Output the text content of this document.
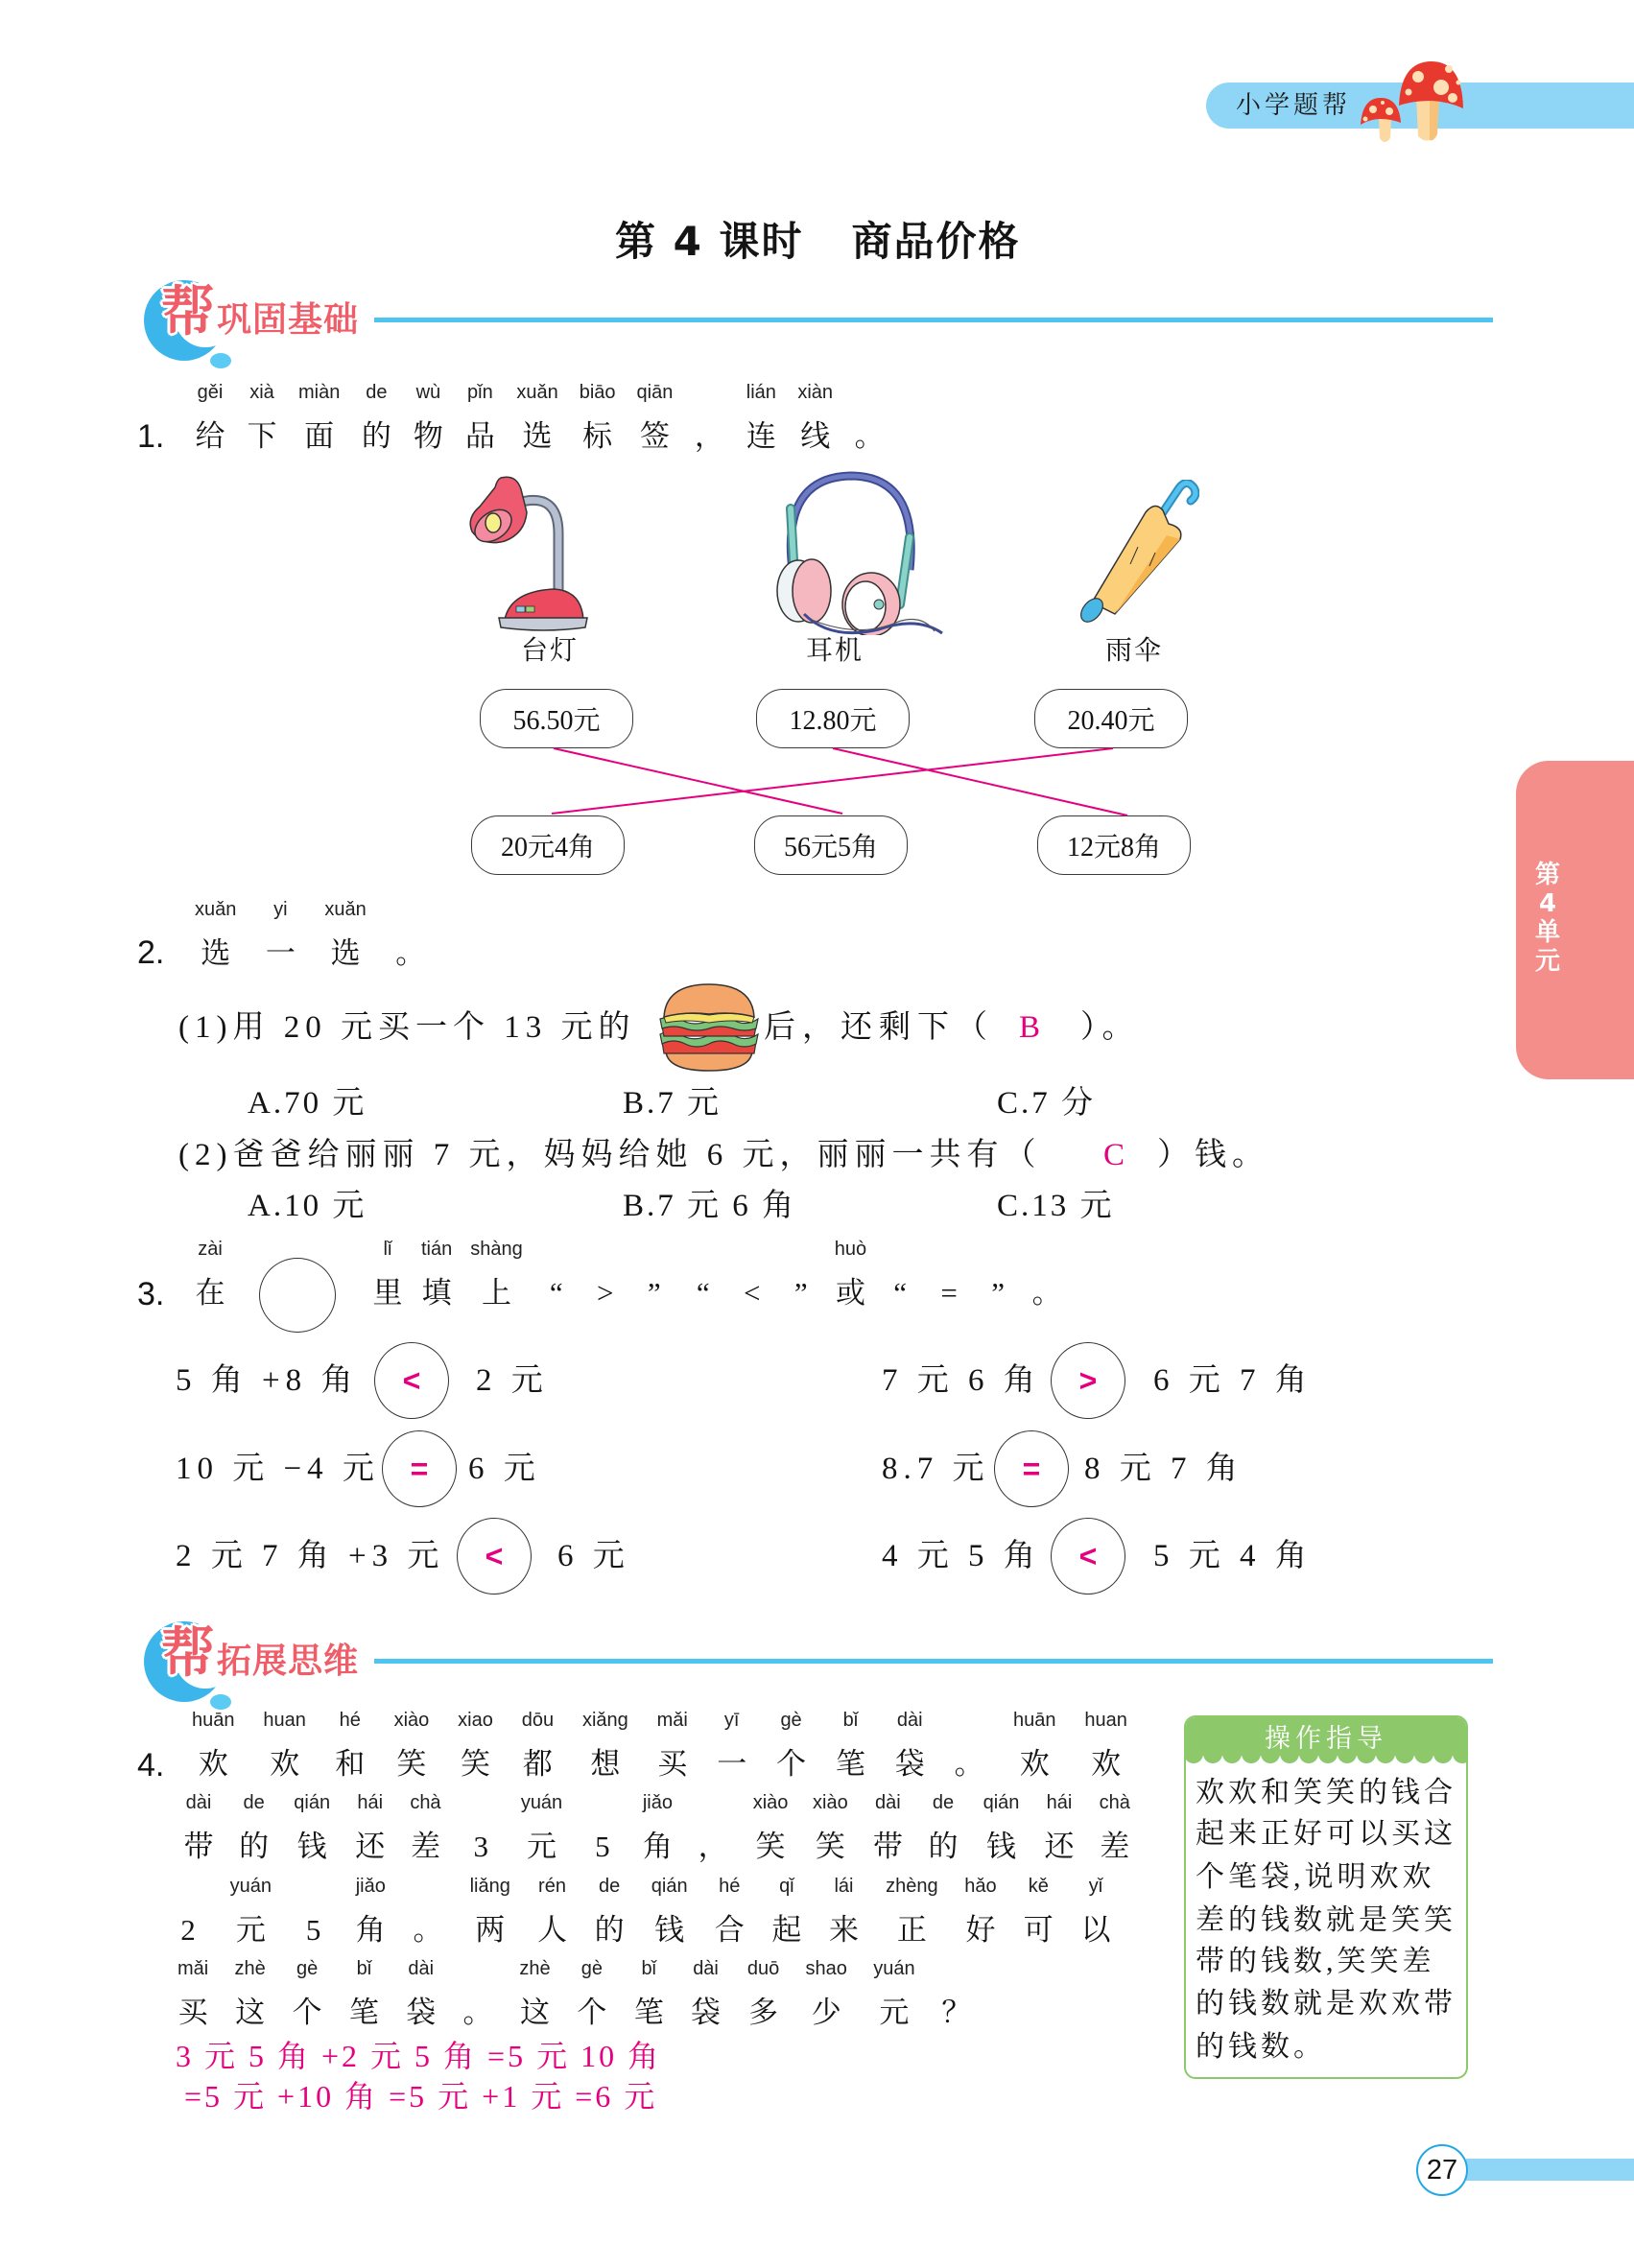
小学题帮
第 4 课时 商品价格
第
4
单
元
帮 巩固基础
1.
gěi
给
xià
下
miàn
面
de
的
wù
物
pǐn
品
xuǎn
选
biāo
标
qiān
签 ，
lián
连
xiàn
线 。
台灯	耳机	雨伞
56.50元	12.80元	20.40元
20元4角	56元5角	12元8角
2.
xuǎn
选
yi
一
xuǎn
选 。
(1)用 20 元买一个 13 元的	后，还剩下（ B ）。
A.70 元	B.7 元	C.7 分
(2)爸爸给丽丽 7 元，妈妈给她 6 元，丽丽一共有（ C ）钱。
A.10 元	B.7 元 6 角	C.13 元
3.
zài
在
lǐ
里
tián
填
shàng
上 “ > ” “ < ”
huò
或 “ = ” 。
5 角 +8 角 < 2 元
10 元 −4 元 = 6 元
2 元 7 角 +3 元 < 6 元
7 元 6 角 > 6 元 7 角
8.7 元 = 8 元 7 角
4 元 5 角 < 5 元 4 角
帮 拓展思维
4.
huān
欢
huan
欢
hé
和
xiào
笑
xiao
笑
dōu
都
xiǎng
想
mǎi
买
yī
一
gè
个
bǐ
笔
dài
袋 。
huān
欢
huan
欢
dài
带
de
的
qián
钱
hái
还
chà
差 3
yuán
元 5
jiǎo
角 ，
xiào
笑
xiào
笑
dài
带
de
的
qián
钱
hái
还
chà
差
2
yuán
元 5
jiǎo
角 。
liǎng
两
rén
人
de
的
qián
钱
hé
合
qǐ
起
lái
来
zhèng
正
hǎo
好
kě
可
yǐ
以
mǎi
买
zhè
这
gè
个
bǐ
笔
dài
袋 。
zhè
这
gè
个
bǐ
笔
dài
袋
duō
多
shao
少
yuán
元 ？
3 元 5 角 +2 元 5 角 =5 元 10 角
=5 元 +10 角 =5 元 +1 元 =6 元
操作指导
欢欢和笑笑的钱合
起来正好可以买这
个笔袋,说明欢欢
差的钱数就是笑笑
带的钱数,笑笑差
的钱数就是欢欢带
的钱数。
27
